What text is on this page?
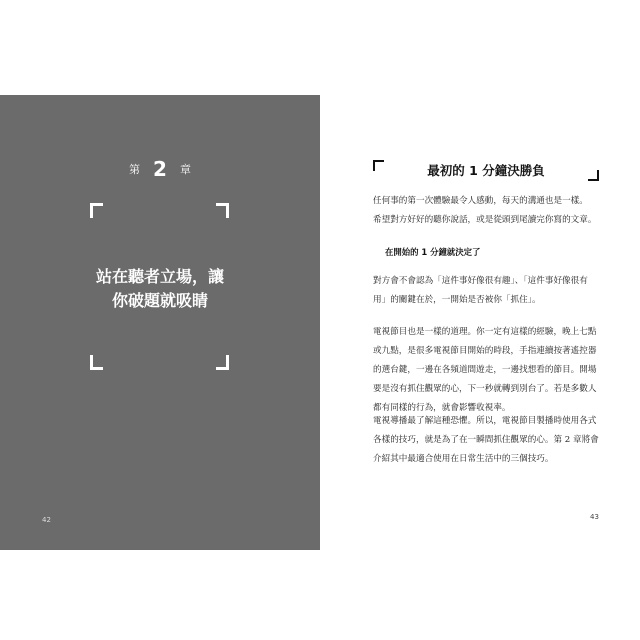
第 2 章
站在聽者立場，讓
你破題就吸睛
42
最初的 1 分鐘決勝負

任何事的第一次體驗最令人感動，每天的溝通也是一樣。
希望對方好好的聽你說話，或是從頭到尾讀完你寫的文章。

在開始的 1 分鐘就決定了

對方會不會認為「這件事好像很有趣」、「這件事好像很有
用」的關鍵在於，一開始是否被你「抓住」。

電視節目也是一樣的道理。你一定有這樣的經驗，晚上七點
或九點，是很多電視節目開始的時段，手指連續按著遙控器
的選台鍵，一邊在各頻道間遊走，一邊找想看的節目。開場
要是沒有抓住觀眾的心，下一秒就轉到別台了。若是多數人
都有同樣的行為，就會影響收視率。

電視導播最了解這種恐懼。所以，電視節目製播時使用各式
各樣的技巧，就是為了在一瞬間抓住觀眾的心。第 2 章將會
介紹其中最適合使用在日常生活中的三個技巧。

43
